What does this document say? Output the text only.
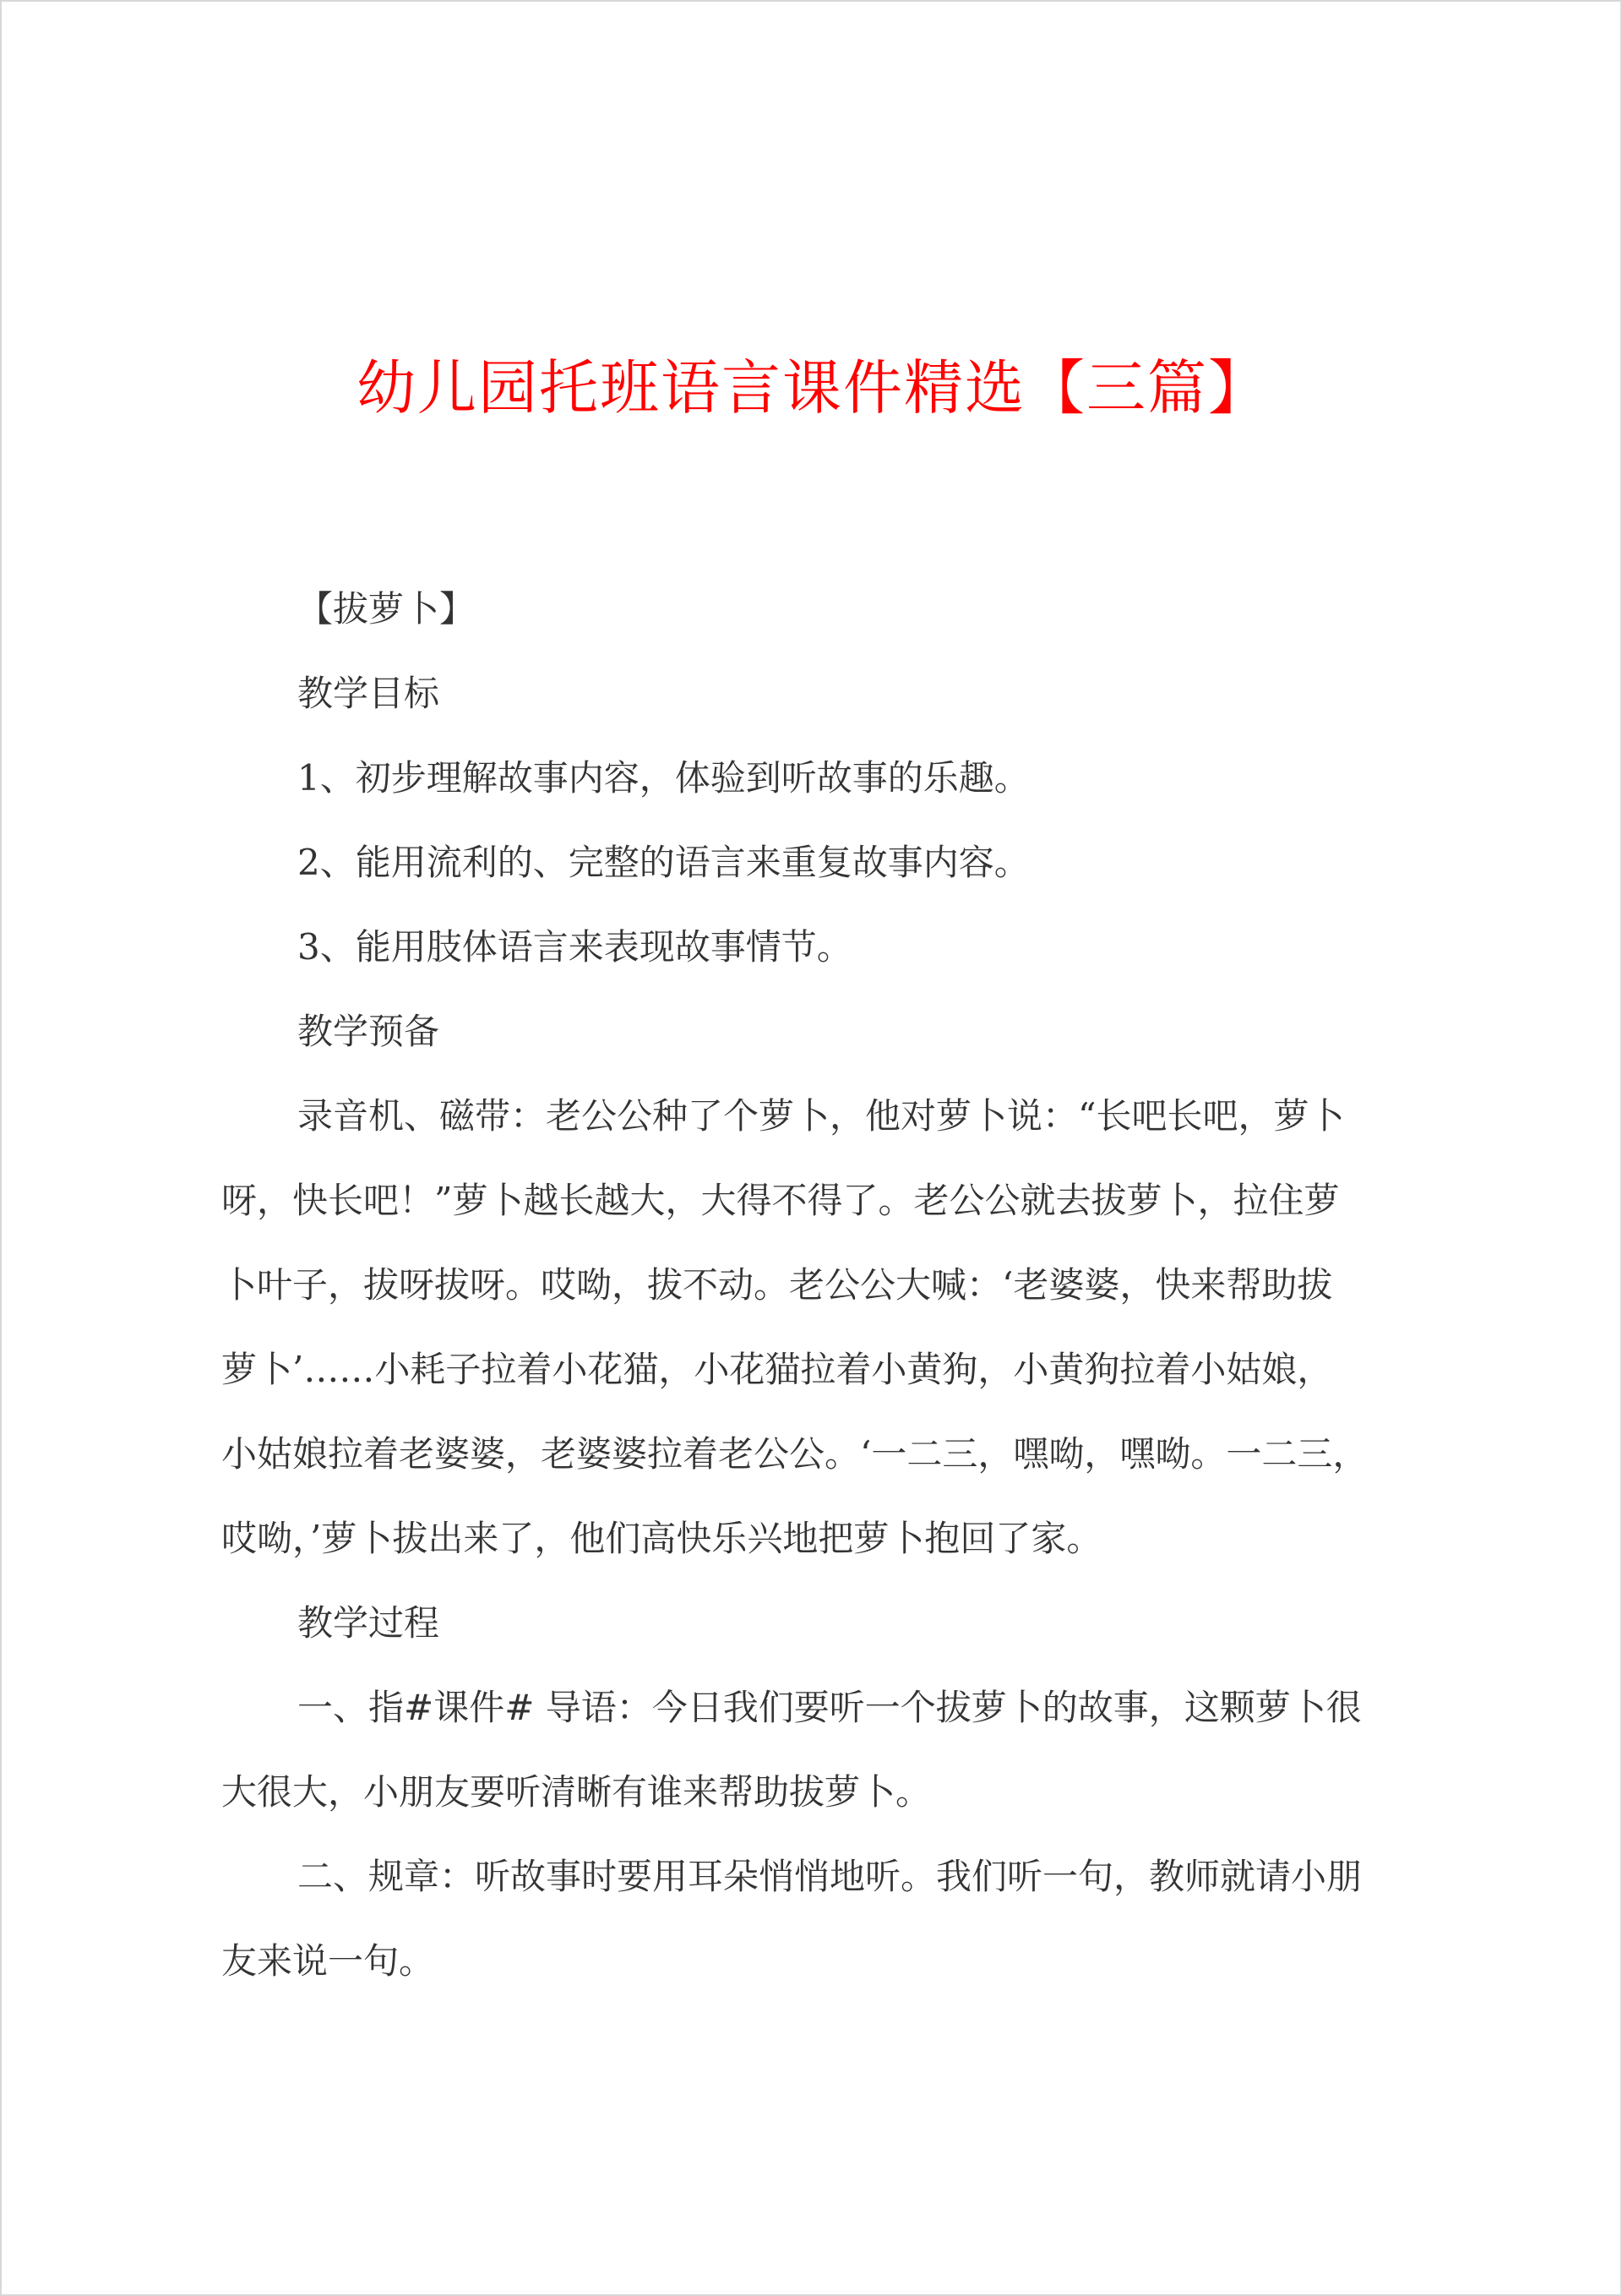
幼儿园托班语言课件精选【三篇】
【拔萝卜】
教学目标
1、初步理解故事内容，体验到听故事的乐趣。
2、能用流利的、完整的语言来重复故事内容。
3、能用肢体语言来表现故事情节。
教学预备
录音机、磁带：老公公种了个萝卜，他对萝卜说：“长吧长吧，萝卜
呀，快长吧！”萝卜越长越大，大得不得了。老公公就去拔萝卜，拉住萝
卜叶子，拔呀拔呀。哎呦，拔不动。老公公大喊：‘老婆婆，快来帮助拔
萝卜’……小耗子拉着小花猫，小花猫拉着小黄狗，小黄狗拉着小姑娘，
小姑娘拉着老婆婆，老婆婆拉着老公公。‘一二三，嘿呦，嘿呦。一二三，
哎呦，’萝卜拔出来了，他们高快乐兴地把萝卜抱回了家。
教学过程
一、指#课件# 导语：今日我们要听一个拔萝卜的故事，这颗萝卜很
大很大，小朋友要听清晰有谁来帮助拔萝卜。
二、规章：听故事时要用耳朵悄悄地听。我们听一句，教师就请小朋
友来说一句。
